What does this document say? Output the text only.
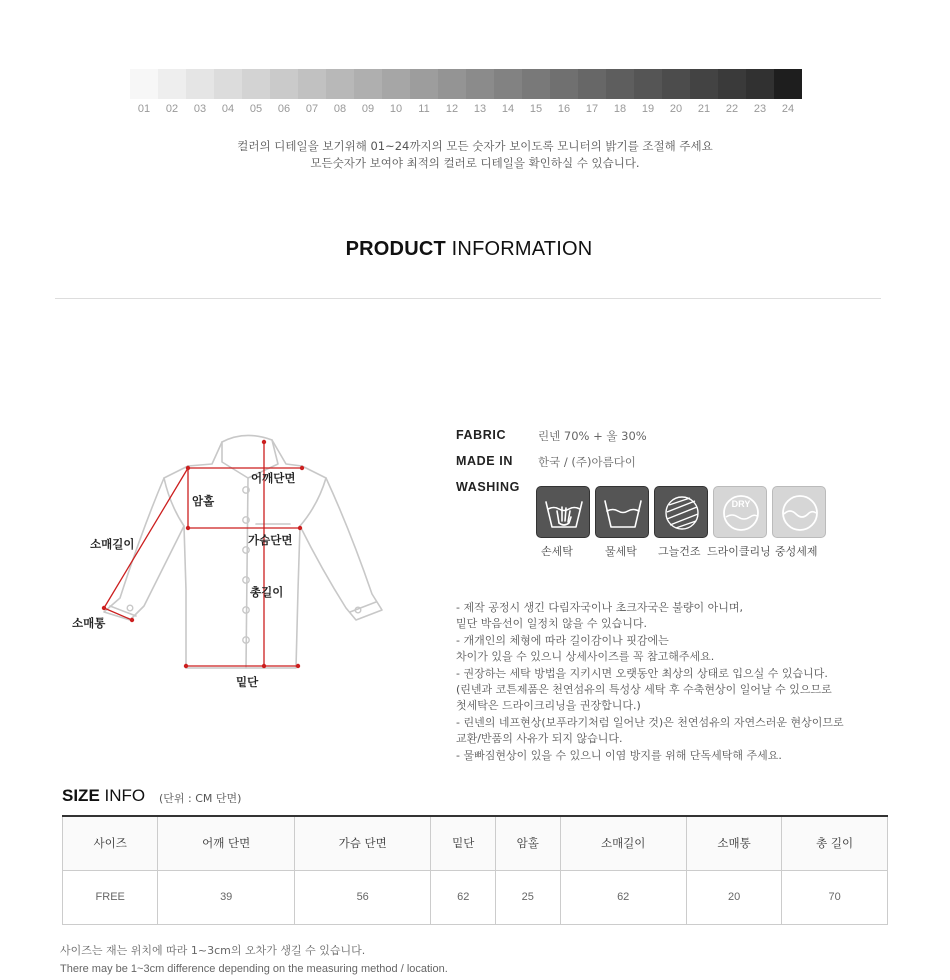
01	02	03	04	05	06	07	08	09	10	11	12	13	14	15	16	17	18	19	20	21	22	23	24
컬러의 디테일을 보기위해 01~24까지의 모든 숫자가 보이도록 모니터의 밝기를 조절해 주세요
모든숫자가 보여야 최적의 컬러로 디테일을 확인하실 수 있습니다.
PRODUCT INFORMATION
어깨단면
암홀
가슴단면
소매길이
총길이
소매통
밑단
FABRIC	린넨 70% + 울 30%
MADE IN 한국 / (주)아름다이
WASHING
DRY
손세탁	물세탁 그늘건조 드라이클리닝 중성세제
- 제작 공정시 생긴 다림자국이나 초크자국은 불량이 아니며,
밑단 박음선이 일정치 않을 수 있습니다.
- 개개인의 체형에 따라 길이감이나 핏감에는
차이가 있을 수 있으니 상세사이즈를 꼭 참고해주세요.
- 권장하는 세탁 방법을 지키시면 오랫동안 최상의 상태로 입으실 수 있습니다.
(린넨과 코튼제품은 천연섬유의 특성상 세탁 후 수축현상이 일어날 수 있으므로
첫세탁은 드라이크리닝을 권장합니다.)
- 린넨의 네프현상(보푸라기처럼 일어난 것)은 천연섬유의 자연스러운 현상이므로
교환/반품의 사유가 되지 않습니다.
- 물빠짐현상이 있을 수 있으니 이염 방지를 위해 단독세탁해 주세요.
SIZE INFO (단위 : CM 단면)
사이즈	어깨 단면	가슴 단면	밑단	암홀	소매길이	소매통	총 길이
FREE	39	56	62	25	62	20	70
사이즈는 재는 위치에 따라 1~3cm의 오차가 생길 수 있습니다.
There may be 1~3cm difference depending on the measuring method / location.
